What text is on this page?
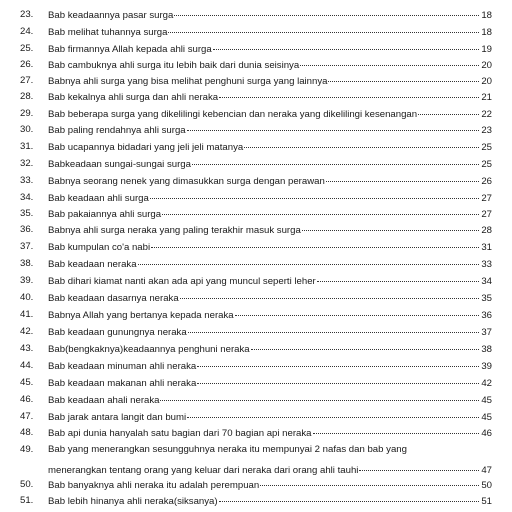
23.	Bab keadaannya pasar surga	18
24.	Bab melihat tuhannya surga	18
25.	Bab firmannya Allah kepada ahli surga	19
26.	Bab cambuknya ahli surga itu lebih baik dari dunia seisinya	20
27.	Babnya ahli surga yang bisa melihat penghuni surga yang lainnya	20
28.	Bab kekalnya ahli surga dan ahli neraka	21
29.	Bab beberapa surga yang dikelilingi kebencian dan neraka yang dikelilingi kesenangan	22
30.	Bab paling rendahnya ahli surga	23
31.	Bab ucapannya bidadari yang jeli jeli matanya	25
32.	Babkeadaan sungai-sungai surga	25
33.	Babnya seorang nenek yang dimasukkan surga dengan perawan	26
34.	Bab keadaan ahli surga	27
35.	Bab pakaiannya ahli surga	27
36.	Babnya ahli surga neraka yang paling terakhir masuk surga	28
37.	Bab kumpulan co'a nabi	31
38.	Bab keadaan neraka	33
39.	Bab dihari kiamat nanti akan ada api yang muncul seperti leher	34
40.	Bab keadaan dasarnya neraka	35
41.	Babnya Allah yang bertanya kepada neraka	36
42.	Bab keadaan gunungnya neraka	37
43.	Bab(bengkaknya)keadaannya penghuni neraka	38
44.	Bab keadaan minuman ahli neraka	39
45.	Bab keadaan makanan ahli neraka	42
46.	Bab keadaan ahali neraka	45
47.	Bab jarak antara langit dan bumi	45
48.	Bab api dunia hanyalah satu bagian dari 70 bagian api neraka	46
49.	Bab yang menerangkan sesungguhnya neraka itu mempunyai 2 nafas dan bab yang
menerangkan tentang orang yang keluar dari neraka dari orang ahli tauhi	47
50.	Bab banyaknya ahli neraka itu adalah perempuan	50
51.	Bab lebih hinanya ahli neraka(siksanya)	51
